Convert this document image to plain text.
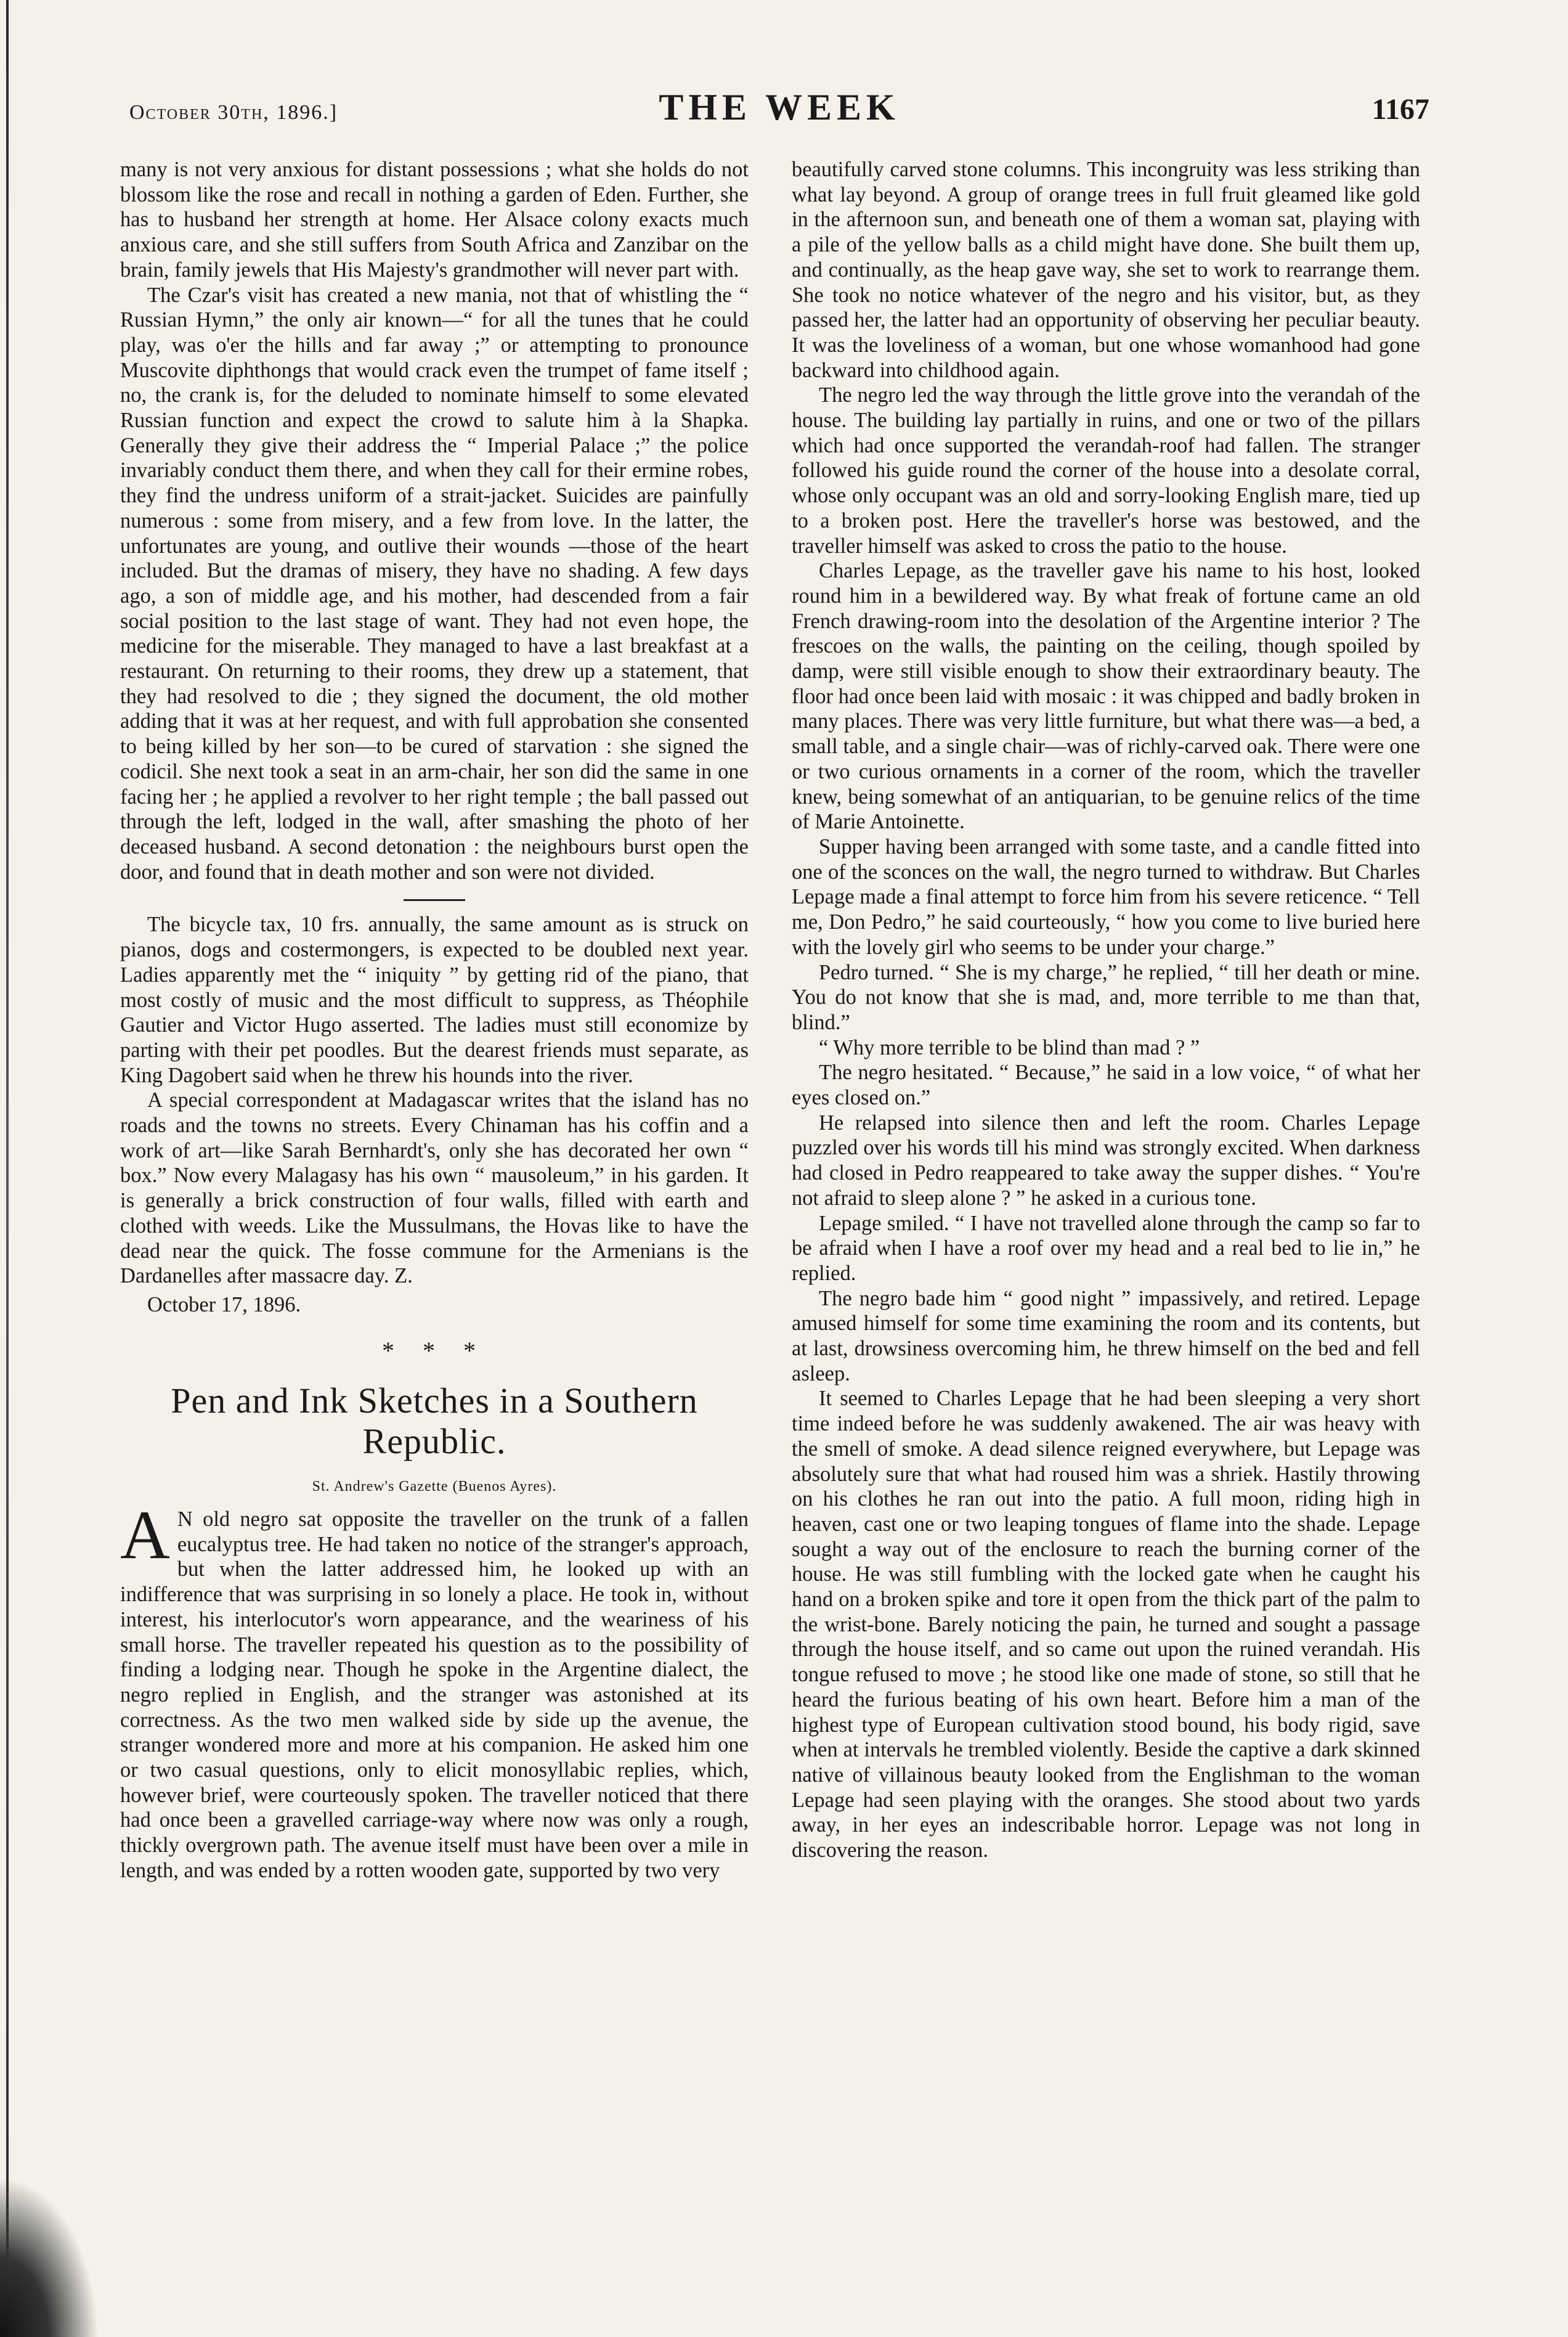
October 30th, 1896.]	THE WEEK	1167

many is not very anxious for distant possessions ; what she holds do not blossom like the rose and recall in nothing a garden of Eden. Further, she has to husband her strength at home. Her Alsace colony exacts much anxious care, and she still suffers from South Africa and Zanzibar on the brain, family jewels that His Majesty's grandmother will never part with.

The Czar's visit has created a new mania, not that of whistling the “ Russian Hymn,” the only air known—“ for all the tunes that he could play, was o'er the hills and far away ;” or attempting to pronounce Muscovite diphthongs that would crack even the trumpet of fame itself ; no, the crank is, for the deluded to nominate himself to some elevated Russian function and expect the crowd to salute him à la Shapka. Generally they give their address the “ Imperial Palace ;” the police invariably conduct them there, and when they call for their ermine robes, they find the undress uniform of a strait-jacket. Suicides are painfully numerous : some from misery, and a few from love. In the latter, the unfortunates are young, and outlive their wounds —those of the heart included. But the dramas of misery, they have no shading. A few days ago, a son of middle age, and his mother, had descended from a fair social position to the last stage of want. They had not even hope, the medicine for the miserable. They managed to have a last breakfast at a restaurant. On returning to their rooms, they drew up a statement, that they had resolved to die ; they signed the document, the old mother adding that it was at her request, and with full approbation she consented to being killed by her son—to be cured of starvation : she signed the codicil. She next took a seat in an arm-chair, her son did the same in one facing her ; he applied a revolver to her right temple ; the ball passed out through the left, lodged in the wall, after smashing the photo of her deceased husband. A second detonation : the neighbours burst open the door, and found that in death mother and son were not divided.

The bicycle tax, 10 frs. annually, the same amount as is struck on pianos, dogs and costermongers, is expected to be doubled next year. Ladies apparently met the “ iniquity ” by getting rid of the piano, that most costly of music and the most difficult to suppress, as Théophile Gautier and Victor Hugo asserted. The ladies must still economize by parting with their pet poodles. But the dearest friends must separate, as King Dagobert said when he threw his hounds into the river.

A special correspondent at Madagascar writes that the island has no roads and the towns no streets. Every Chinaman has his coffin and a work of art—like Sarah Bernhardt's, only she has decorated her own “ box.” Now every Malagasy has his own “ mausoleum,” in his garden. It is generally a brick construction of four walls, filled with earth and clothed with weeds. Like the Mussulmans, the Hovas like to have the dead near the quick. The fosse commune for the Armenians is the Dardanelles after massacre day. Z.

October 17, 1896.

* * *
Pen and Ink Sketches in a Southern Republic.
St. Andrew's Gazette (Buenos Ayres).

A N old negro sat opposite the traveller on the trunk of a fallen eucalyptus tree. He had taken no notice of the stranger's approach, but when the latter addressed him, he looked up with an indifference that was surprising in so lonely a place. He took in, without interest, his interlocutor's worn appearance, and the weariness of his small horse. The traveller repeated his question as to the possibility of finding a lodging near. Though he spoke in the Argentine dialect, the negro replied in English, and the stranger was astonished at its correctness. As the two men walked side by side up the avenue, the stranger wondered more and more at his companion. He asked him one or two casual questions, only to elicit monosyllabic replies, which, however brief, were courteously spoken. The traveller noticed that there had once been a gravelled carriage-way where now was only a rough, thickly overgrown path. The avenue itself must have been over a mile in length, and was ended by a rotten wooden gate, supported by two very

beautifully carved stone columns. This incongruity was less striking than what lay beyond. A group of orange trees in full fruit gleamed like gold in the afternoon sun, and beneath one of them a woman sat, playing with a pile of the yellow balls as a child might have done. She built them up, and continually, as the heap gave way, she set to work to rearrange them. She took no notice whatever of the negro and his visitor, but, as they passed her, the latter had an opportunity of observing her peculiar beauty. It was the loveliness of a woman, but one whose womanhood had gone backward into childhood again.

The negro led the way through the little grove into the verandah of the house. The building lay partially in ruins, and one or two of the pillars which had once supported the verandah-roof had fallen. The stranger followed his guide round the corner of the house into a desolate corral, whose only occupant was an old and sorry-looking English mare, tied up to a broken post. Here the traveller's horse was bestowed, and the traveller himself was asked to cross the patio to the house.

Charles Lepage, as the traveller gave his name to his host, looked round him in a bewildered way. By what freak of fortune came an old French drawing-room into the desolation of the Argentine interior ? The frescoes on the walls, the painting on the ceiling, though spoiled by damp, were still visible enough to show their extraordinary beauty. The floor had once been laid with mosaic : it was chipped and badly broken in many places. There was very little furniture, but what there was—a bed, a small table, and a single chair—was of richly-carved oak. There were one or two curious ornaments in a corner of the room, which the traveller knew, being somewhat of an antiquarian, to be genuine relics of the time of Marie Antoinette.

Supper having been arranged with some taste, and a candle fitted into one of the sconces on the wall, the negro turned to withdraw. But Charles Lepage made a final attempt to force him from his severe reticence. “ Tell me, Don Pedro,” he said courteously, “ how you come to live buried here with the lovely girl who seems to be under your charge.”

Pedro turned. “ She is my charge,” he replied, “ till her death or mine. You do not know that she is mad, and, more terrible to me than that, blind.”

“ Why more terrible to be blind than mad ? ”

The negro hesitated. “ Because,” he said in a low voice, “ of what her eyes closed on.”

He relapsed into silence then and left the room. Charles Lepage puzzled over his words till his mind was strongly excited. When darkness had closed in Pedro reappeared to take away the supper dishes. “ You're not afraid to sleep alone ? ” he asked in a curious tone.

Lepage smiled. “ I have not travelled alone through the camp so far to be afraid when I have a roof over my head and a real bed to lie in,” he replied.

The negro bade him “ good night ” impassively, and retired. Lepage amused himself for some time examining the room and its contents, but at last, drowsiness overcoming him, he threw himself on the bed and fell asleep.

It seemed to Charles Lepage that he had been sleeping a very short time indeed before he was suddenly awakened. The air was heavy with the smell of smoke. A dead silence reigned everywhere, but Lepage was absolutely sure that what had roused him was a shriek. Hastily throwing on his clothes he ran out into the patio. A full moon, riding high in heaven, cast one or two leaping tongues of flame into the shade. Lepage sought a way out of the enclosure to reach the burning corner of the house. He was still fumbling with the locked gate when he caught his hand on a broken spike and tore it open from the thick part of the palm to the wrist-bone. Barely noticing the pain, he turned and sought a passage through the house itself, and so came out upon the ruined verandah. His tongue refused to move ; he stood like one made of stone, so still that he heard the furious beating of his own heart. Before him a man of the highest type of European cultivation stood bound, his body rigid, save when at intervals he trembled violently. Beside the captive a dark skinned native of villainous beauty looked from the Englishman to the woman Lepage had seen playing with the oranges. She stood about two yards away, in her eyes an indescribable horror. Lepage was not long in discovering the reason.
